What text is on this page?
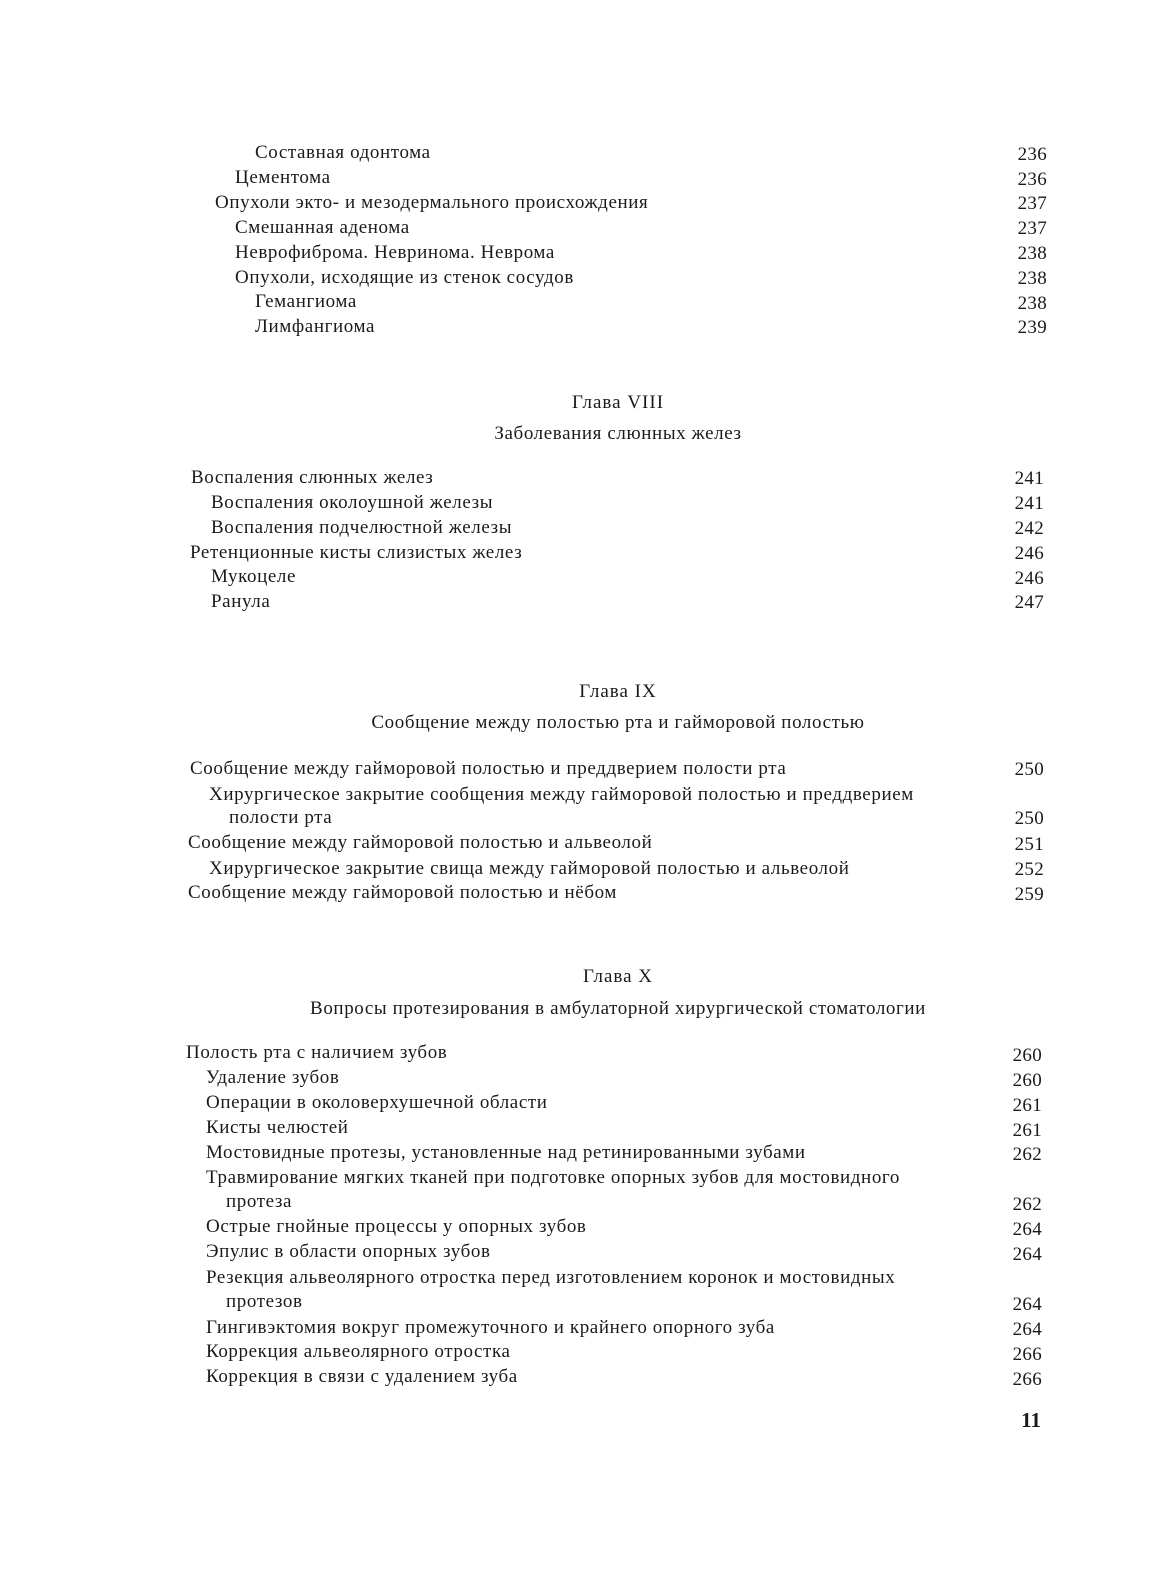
Составная одонтома	236
Цементома	236
Опухоли экто- и мезодермального происхождения	237
Смешанная аденома	237
Неврофиброма. Невринома. Неврома	238
Опухоли, исходящие из стенок сосудов	238
Гемангиома	238
Лимфангиома	239
Глава VIII
Заболевания слюнных желез
Воспаления слюнных желез	241
Воспаления околоушной железы	241
Воспаления подчелюстной железы	242
Ретенционные кисты слизистых желез	246
Мукоцеле	246
Ранула	247
Глава IX
Сообщение между полостью рта и гайморовой полостью
Сообщение между гайморовой полостью и преддверием полости рта	250
Хирургическое закрытие сообщения между гайморовой полостью и преддверием
полости рта	250
Сообщение между гайморовой полостью и альвеолой	251
Хирургическое закрытие свища между гайморовой полостью и альвеолой	252
Сообщение между гайморовой полостью и нёбом	259
Глава X
Вопросы протезирования в амбулаторной хирургической стоматологии
Полость рта с наличием зубов	260
Удаление зубов	260
Операции в околоверхушечной области	261
Кисты челюстей	261
Мостовидные протезы, установленные над ретинированными зубами	262
Травмирование мягких тканей при подготовке опорных зубов для мостовидного
протеза	262
Острые гнойные процессы у опорных зубов	264
Эпулис в области опорных зубов	264
Резекция альвеолярного отростка перед изготовлением коронок и мостовидных
протезов	264
Гингивэктомия вокруг промежуточного и крайнего опорного зуба	264
Коррекция альвеолярного отростка	266
Коррекция в связи с удалением зуба	266
11
